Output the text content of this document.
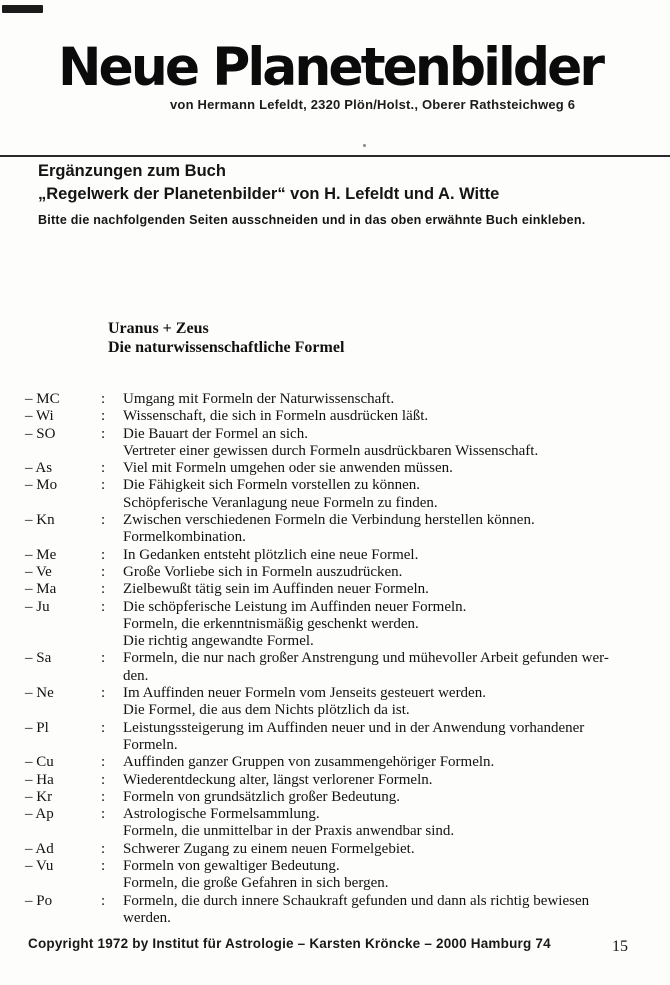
Neue Planetenbilder
von Hermann Lefeldt, 2320 Plön/Holst., Oberer Rathsteichweg 6
Ergänzungen zum Buch
„Regelwerk der Planetenbilder“ von H. Lefeldt und A. Witte
Bitte die nachfolgenden Seiten ausschneiden und in das oben erwähnte Buch einkleben.
Uranus + Zeus
Die naturwissenschaftliche Formel
– MC	:	Umgang mit Formeln der Naturwissenschaft.
– Wi	:	Wissenschaft, die sich in Formeln ausdrücken läßt.
– SO	:	Die Bauart der Formel an sich.
Vertreter einer gewissen durch Formeln ausdrückbaren Wissenschaft.
– As	:	Viel mit Formeln umgehen oder sie anwenden müssen.
– Mo	:	Die Fähigkeit sich Formeln vorstellen zu können.
Schöpferische Veranlagung neue Formeln zu finden.
– Kn	:	Zwischen verschiedenen Formeln die Verbindung herstellen können.
Formelkombination.
– Me	:	In Gedanken entsteht plötzlich eine neue Formel.
– Ve	:	Große Vorliebe sich in Formeln auszudrücken.
– Ma	:	Zielbewußt tätig sein im Auffinden neuer Formeln.
– Ju	:	Die schöpferische Leistung im Auffinden neuer Formeln.
Formeln, die erkenntnismäßig geschenkt werden.
Die richtig angewandte Formel.
– Sa	:	Formeln, die nur nach großer Anstrengung und mühevoller Arbeit gefunden wer-
den.
– Ne	:	Im Auffinden neuer Formeln vom Jenseits gesteuert werden.
Die Formel, die aus dem Nichts plötzlich da ist.
– Pl	:	Leistungssteigerung im Auffinden neuer und in der Anwendung vorhandener
Formeln.
– Cu	:	Auffinden ganzer Gruppen von zusammengehöriger Formeln.
– Ha	:	Wiederentdeckung alter, längst verlorener Formeln.
– Kr	:	Formeln von grundsätzlich großer Bedeutung.
– Ap	:	Astrologische Formelsammlung.
Formeln, die unmittelbar in der Praxis anwendbar sind.
– Ad	:	Schwerer Zugang zu einem neuen Formelgebiet.
– Vu	:	Formeln von gewaltiger Bedeutung.
Formeln, die große Gefahren in sich bergen.
– Po	:	Formeln, die durch innere Schaukraft gefunden und dann als richtig bewiesen
werden.
Copyright 1972 by Institut für Astrologie – Karsten Kröncke – 2000 Hamburg 74	15
